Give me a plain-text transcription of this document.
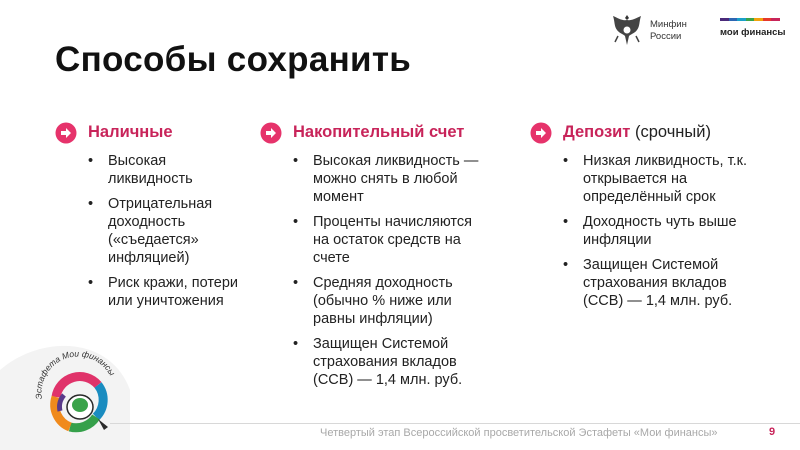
Эстафета Мои финансы
Минфин
России	мои финансы
Способы сохранить
Наличные
• Высокая ликвидность
• Отрицательная доходность («съедается» инфляцией)
• Риск кражи, потери или уничтожения
Накопительный счет
• Высокая ликвидность — можно снять в любой момент
• Проценты начисляются на остаток средств на счете
• Средняя доходность (обычно % ниже или равны инфляции)
• Защищен Системой страхования вкладов (ССВ) — 1,4 млн. руб.
Депозит (срочный)
• Низкая ликвидность, т.к. открывается на определённый срок
• Доходность чуть выше инфляции
• Защищен Системой страхования вкладов (ССВ) — 1,4 млн. руб.
Четвертый этап Всероссийской просветительской Эстафеты «Мои финансы»	9
